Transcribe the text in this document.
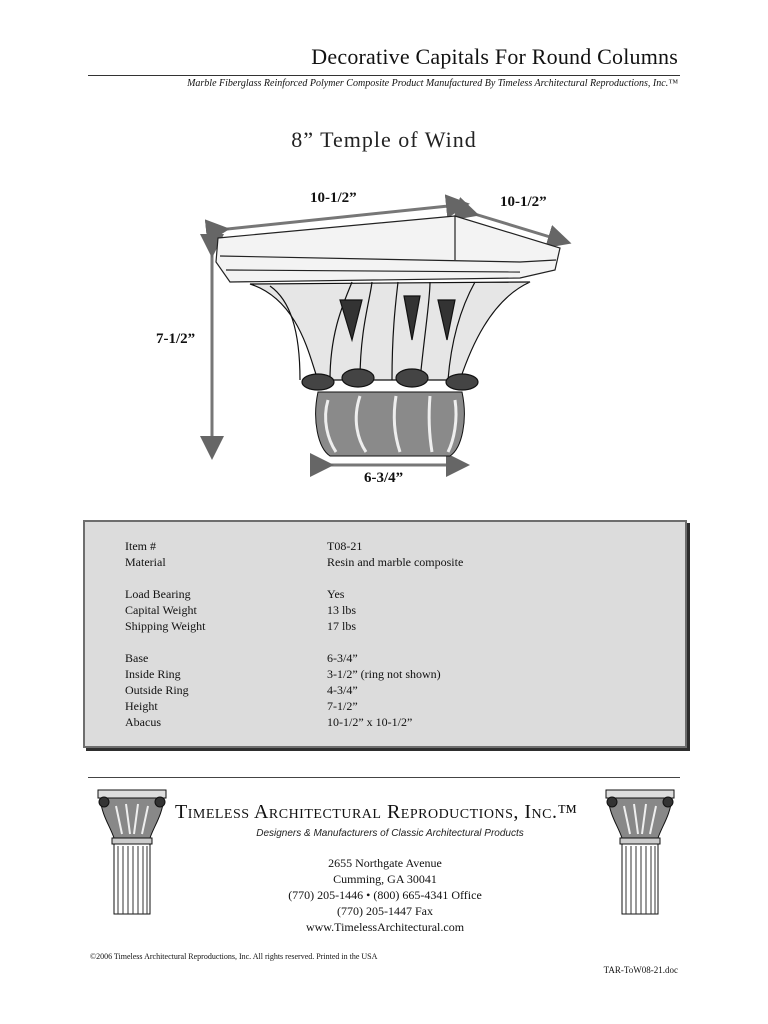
Decorative Capitals For Round Columns
Marble Fiberglass Reinforced Polymer Composite Product Manufactured By Timeless Architectural Reproductions, Inc.™
8” Temple of Wind
10-1/2”	10-1/2”
7-1/2”
6-3/4”
Item #	T08-21
Material	Resin and marble composite
Load Bearing	Yes
Capital Weight	13 lbs
Shipping Weight	17 lbs
Base	6-3/4”
Inside Ring	3-1/2” (ring not shown)
Outside Ring	4-3/4”
Height	7-1/2”
Abacus	10-1/2” x 10-1/2”
Timeless Architectural Reproductions, Inc.™
Designers & Manufacturers of Classic Architectural Products
2655 Northgate Avenue
Cumming, GA 30041
(770) 205-1446 • (800) 665-4341 Office
(770) 205-1447 Fax
www.TimelessArchitectural.com
©2006 Timeless Architectural Reproductions, Inc. All rights reserved. Printed in the USA
TAR-ToW08-21.doc
